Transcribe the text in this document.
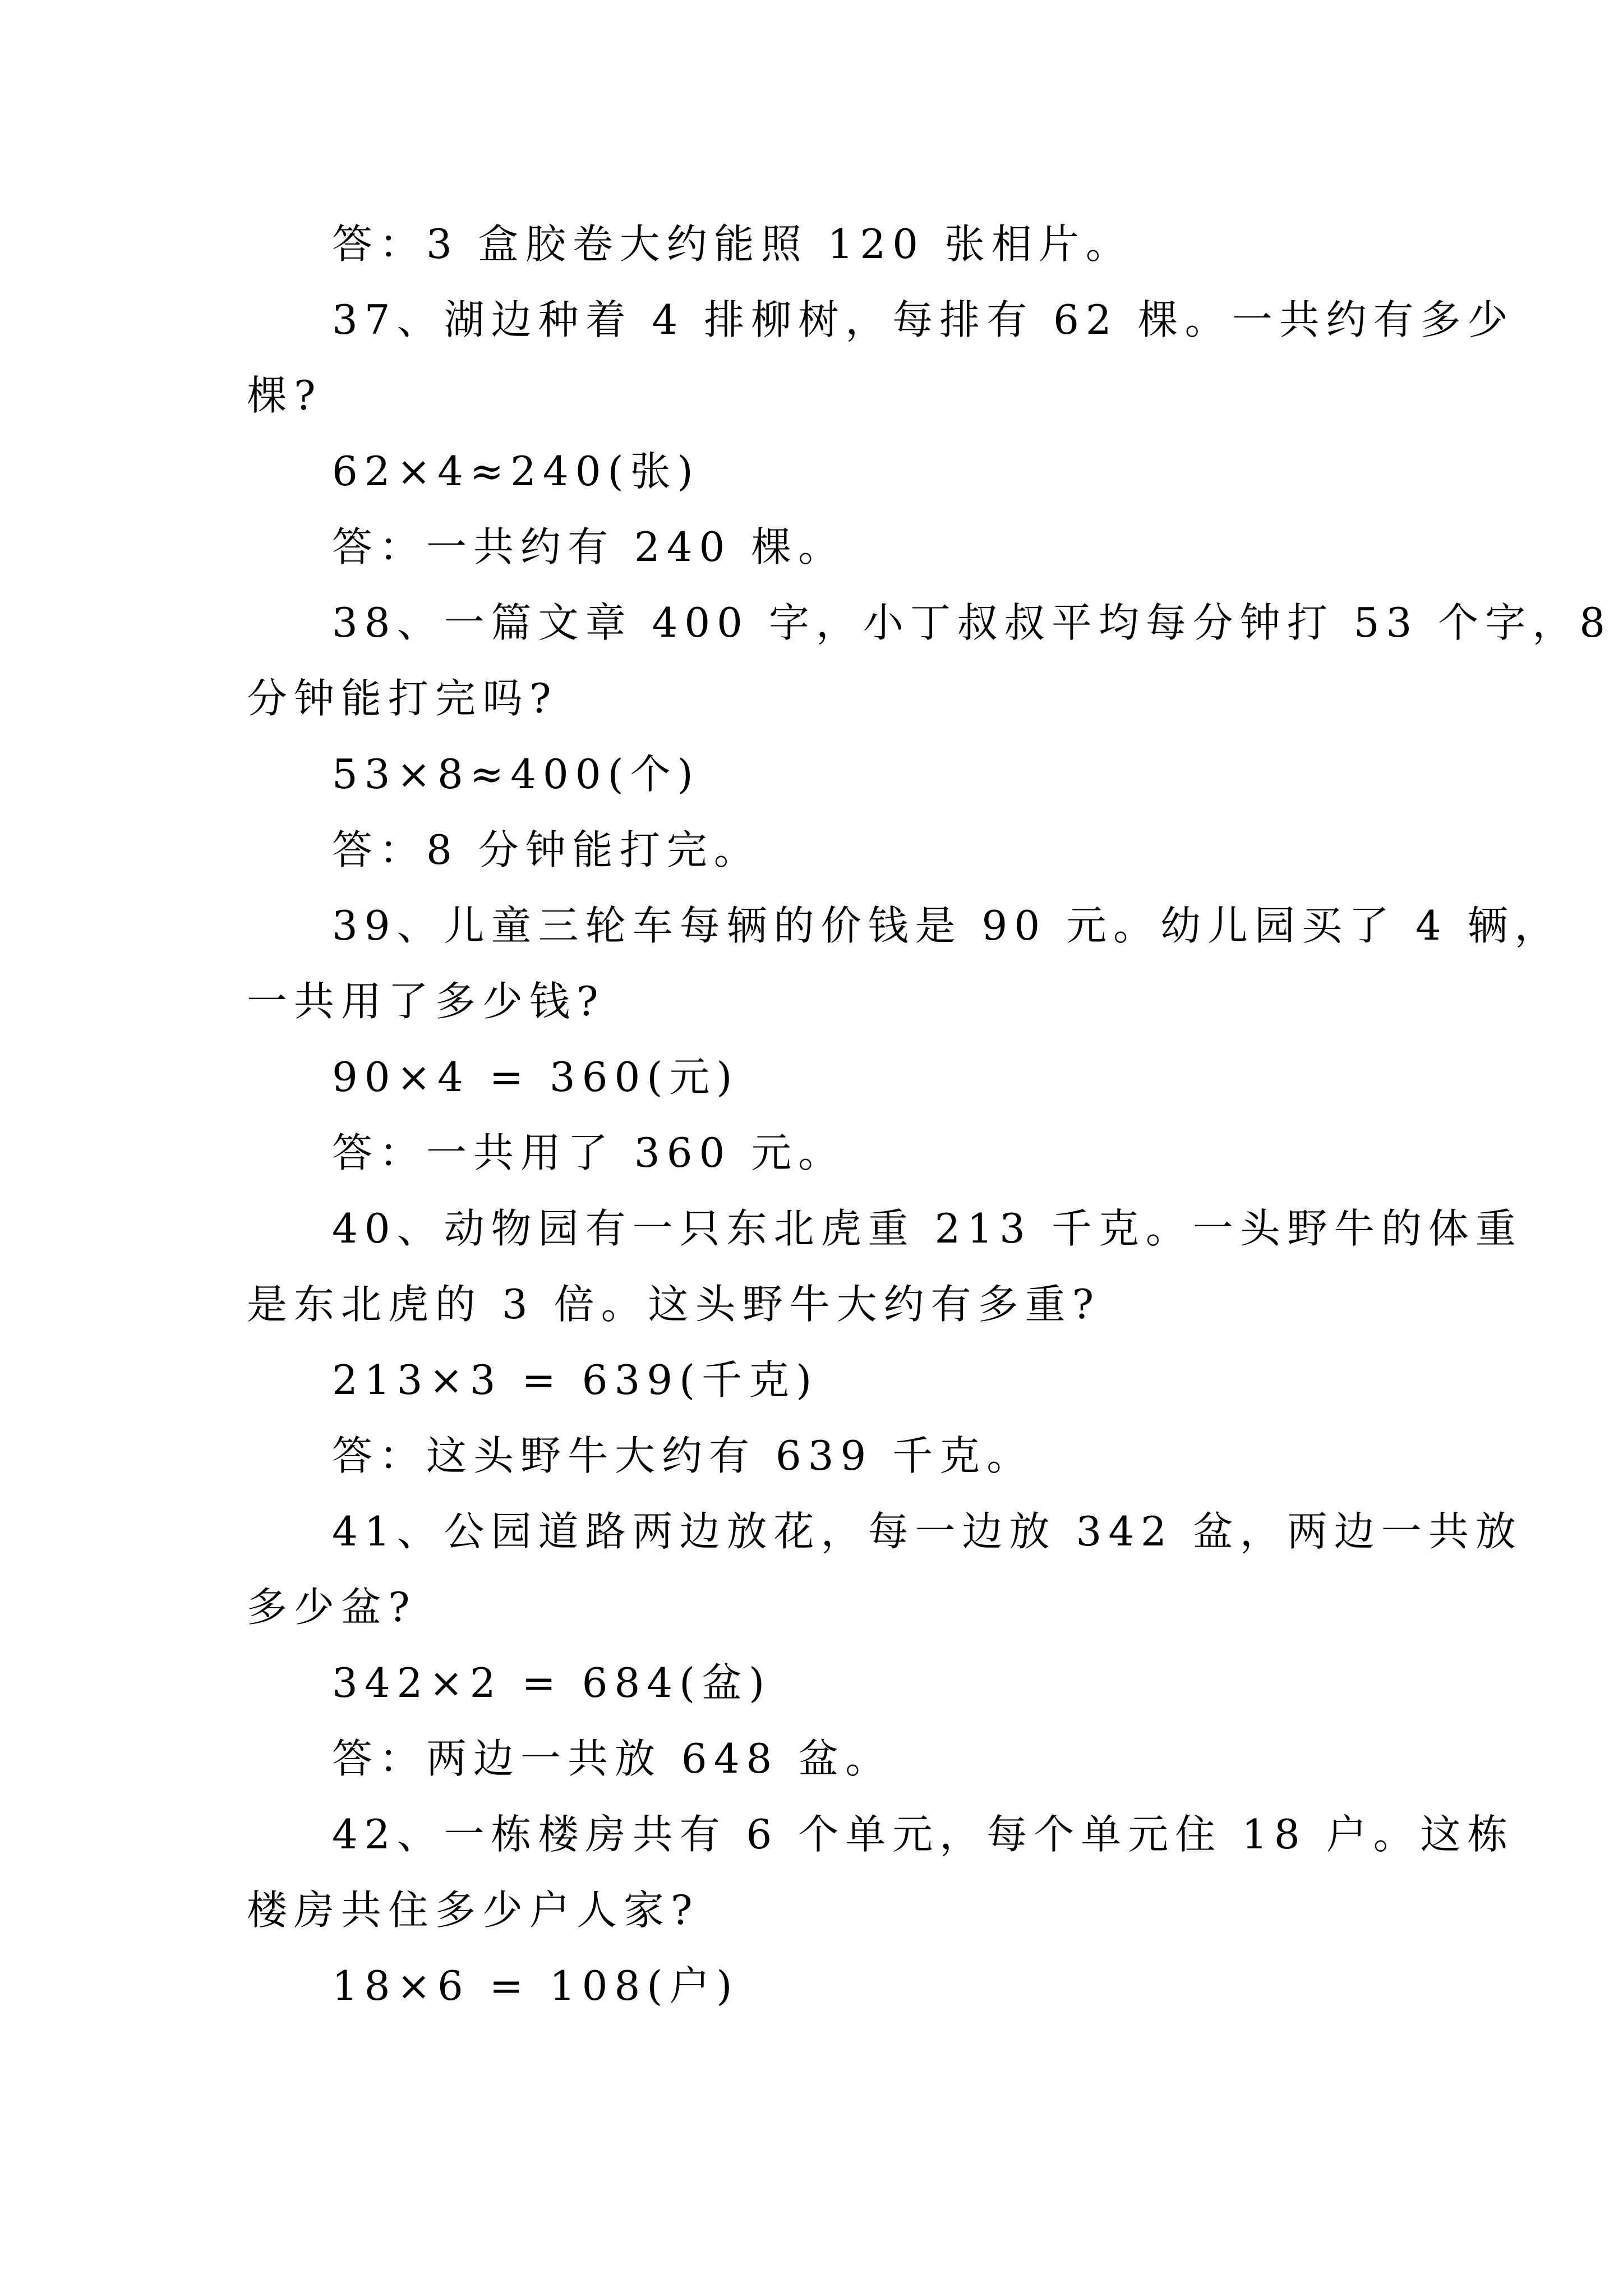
答：3 盒胶卷大约能照 120 张相片。
37、湖边种着 4 排柳树，每排有 62 棵。一共约有多少
棵?
62×4≈240(张)
答：一共约有 240 棵。
38、一篇文章 400 字，小丁叔叔平均每分钟打 53 个字，8
分钟能打完吗?
53×8≈400(个)
答：8 分钟能打完。
39、儿童三轮车每辆的价钱是 90 元。幼儿园买了 4 辆，
一共用了多少钱?
90×4 = 360(元)
答：一共用了 360 元。
40、动物园有一只东北虎重 213 千克。一头野牛的体重
是东北虎的 3 倍。这头野牛大约有多重?
213×3 = 639(千克)
答：这头野牛大约有 639 千克。
41、公园道路两边放花，每一边放 342 盆，两边一共放
多少盆?
342×2 = 684(盆)
答：两边一共放 648 盆。
42、一栋楼房共有 6 个单元，每个单元住 18 户。这栋
楼房共住多少户人家?
18×6 = 108(户)
